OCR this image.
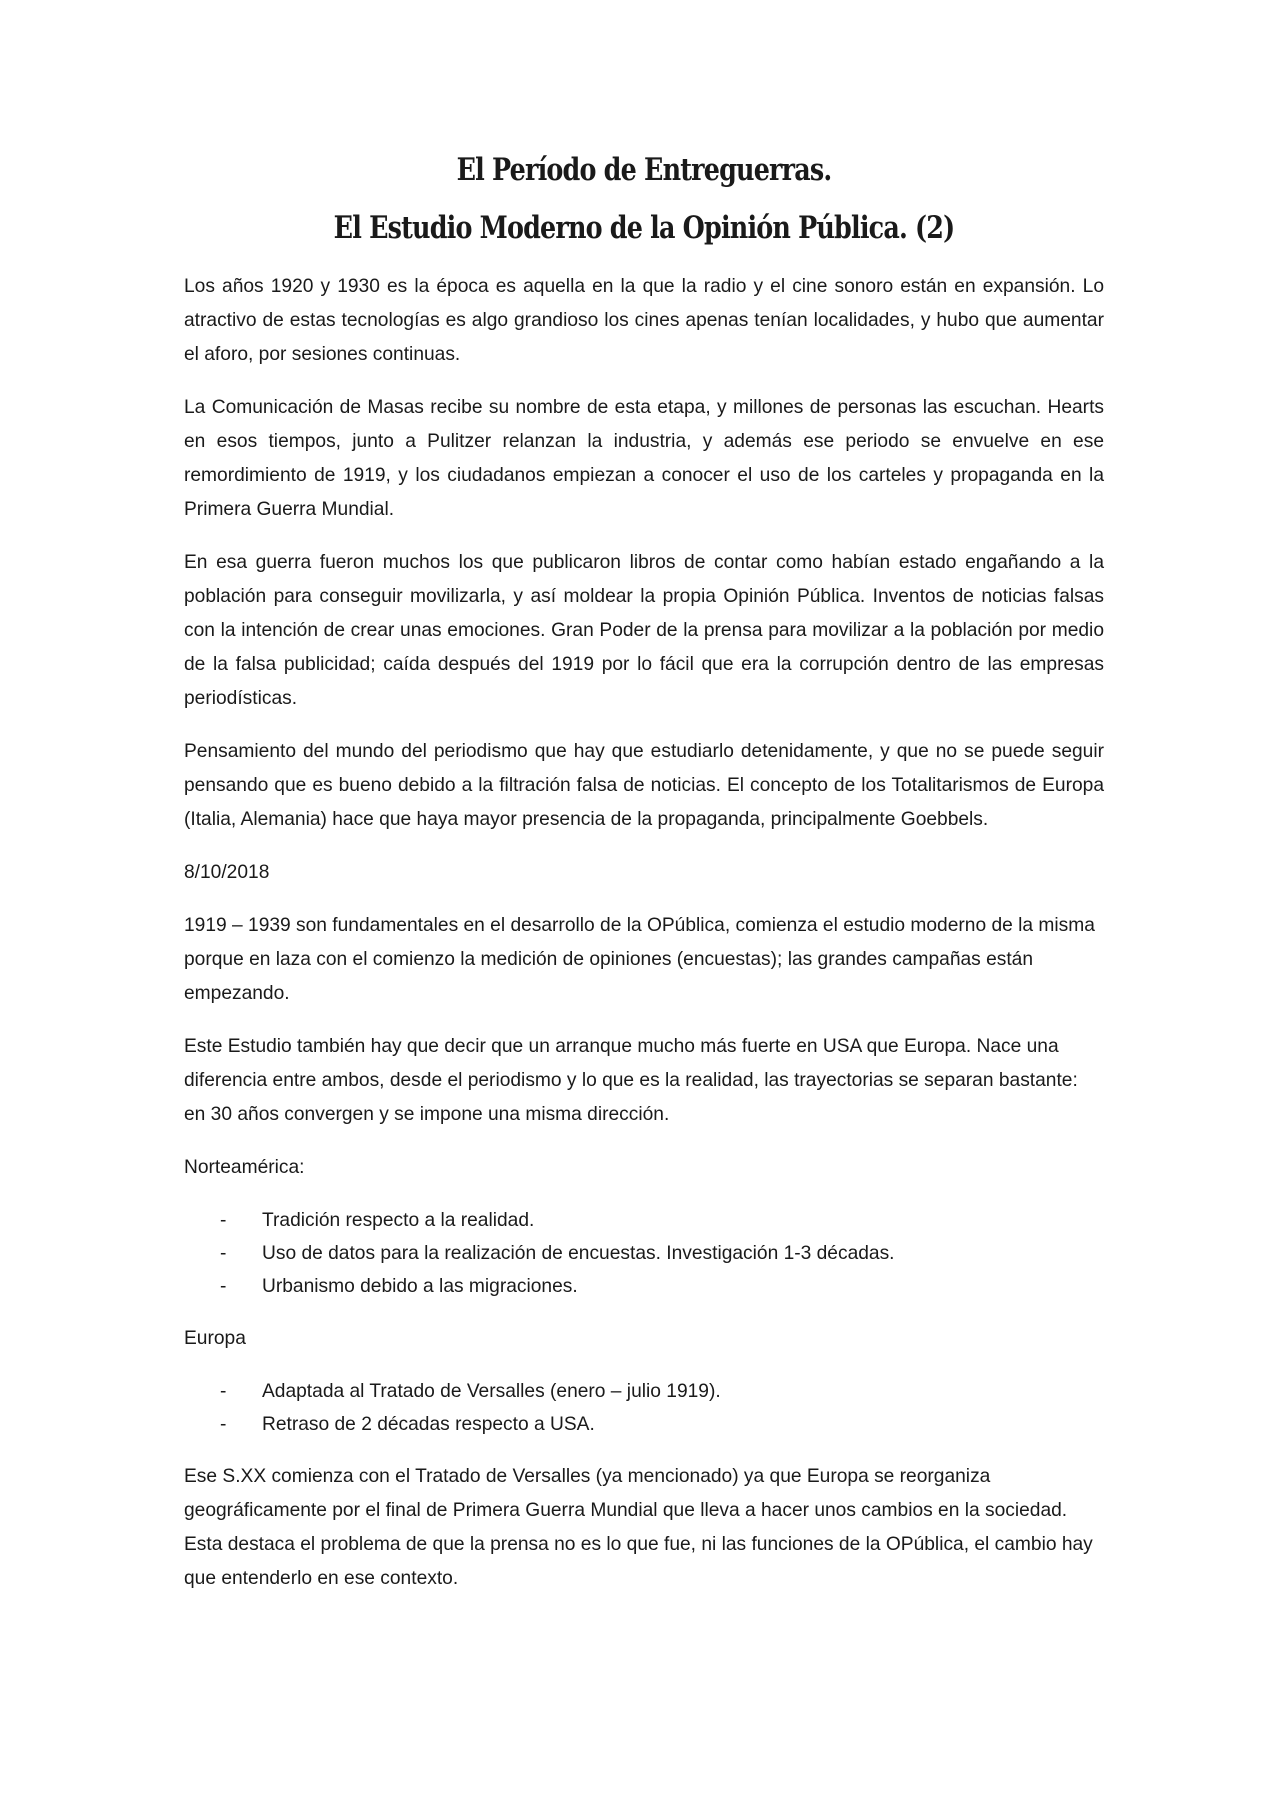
El Período de Entreguerras.
El Estudio Moderno de la Opinión Pública. (2)

Los años 1920 y 1930 es la época es aquella en la que la radio y el cine sonoro están en expansión. Lo atractivo de estas tecnologías es algo grandioso los cines apenas tenían localidades, y hubo que aumentar el aforo, por sesiones continuas.

La Comunicación de Masas recibe su nombre de esta etapa, y millones de personas las escuchan. Hearts en esos tiempos, junto a Pulitzer relanzan la industria, y además ese periodo se envuelve en ese remordimiento de 1919, y los ciudadanos empiezan a conocer el uso de los carteles y propaganda en la Primera Guerra Mundial.

En esa guerra fueron muchos los que publicaron libros de contar como habían estado engañando a la población para conseguir movilizarla, y así moldear la propia Opinión Pública. Inventos de noticias falsas con la intención de crear unas emociones. Gran Poder de la prensa para movilizar a la población por medio de la falsa publicidad; caída después del 1919 por lo fácil que era la corrupción dentro de las empresas periodísticas.

Pensamiento del mundo del periodismo que hay que estudiarlo detenidamente, y que no se puede seguir pensando que es bueno debido a la filtración falsa de noticias. El concepto de los Totalitarismos de Europa (Italia, Alemania) hace que haya mayor presencia de la propaganda, principalmente Goebbels.

8/10/2018

1919 – 1939 son fundamentales en el desarrollo de la OPública, comienza el estudio moderno de la misma porque en laza con el comienzo la medición de opiniones (encuestas); las grandes campañas están empezando.

Este Estudio también hay que decir que un arranque mucho más fuerte en USA que Europa. Nace una diferencia entre ambos, desde el periodismo y lo que es la realidad, las trayectorias se separan bastante: en 30 años convergen y se impone una misma dirección.

Norteamérica:

- Tradición respecto a la realidad.
- Uso de datos para la realización de encuestas. Investigación 1-3 décadas.
- Urbanismo debido a las migraciones.

Europa

- Adaptada al Tratado de Versalles (enero – julio 1919).
- Retraso de 2 décadas respecto a USA.

Ese S.XX comienza con el Tratado de Versalles (ya mencionado) ya que Europa se reorganiza geográficamente por el final de Primera Guerra Mundial que lleva a hacer unos cambios en la sociedad. Esta destaca el problema de que la prensa no es lo que fue, ni las funciones de la OPública, el cambio hay que entenderlo en ese contexto.
